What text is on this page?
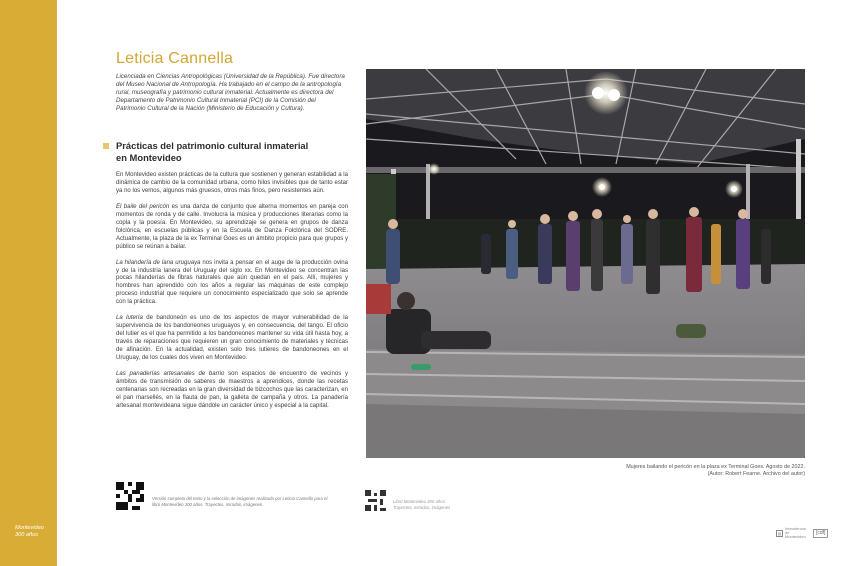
Montevideo
300 años
Leticia Cannella
Licenciada en Ciencias Antropológicas (Universidad de la República). Fue directora del Museo Nacional de Antropología. Ha trabajado en el campo de la antropología rural, museografía y patrimonio cultural inmaterial. Actualmente es directora del Departamento de Patrimonio Cultural Inmaterial (PCI) de la Comisión del Patrimonio Cultural de la Nación (Ministerio de Educación y Cultura).
Prácticas del patrimonio cultural inmaterial en Montevideo

En Montevideo existen prácticas de la cultura que sostienen y generan estabilidad a la dinámica de cambio de la comunidad urbana, como hilos invisibles que de tanto estar ya no los vemos, algunos más gruesos, otros más finos, pero resistentes aún.

El baile del pericón es una danza de conjunto que alterna momentos en pareja con momentos de ronda y de calle. Involucra la música y producciones literarias como la copla y la poesía. En Montevideo, su aprendizaje se genera en grupos de danza folclórica, en escuelas públicas y en la Escuela de Danza Folclórica del SODRE. Actualmente, la plaza de la ex Terminal Goes es un ámbito propicio para que grupos y público se reúnan a bailar.

La hilandería de lana uruguaya nos invita a pensar en el auge de la producción ovina y de la industria lanera del Uruguay del siglo xx. En Montevideo se concentran las pocas hilanderías de fibras naturales que aún quedan en el país. Allí, mujeres y hombres han aprendido con los años a regular las máquinas de este complejo proceso industrial que requiere un conocimiento especializado que solo se aprende con la práctica.

La lutería de bandoneón es uno de los aspectos de mayor vulnerabilidad de la supervivencia de los bandoneones uruguayos y, en consecuencia, del tango. El oficio del lutier es el que ha permitido a los bandoneones mantener su vida útil hasta hoy, a través de reparaciones que requieren un gran conocimiento de materiales y técnicas de afinación. En la actualidad, existen solo tres lutieres de bandoneones en el Uruguay, de los cuales dos viven en Montevideo.

Las panaderías artesanales de barrio son espacios de encuentro de vecinos y ámbitos de transmisión de saberes de maestros a aprendices, donde las recetas centenarias son recreadas en la gran diversidad de bizcochos que las caracterizan, en el pan marsellés, en la flauta de pan, la galleta de campaña y otros. La panadería artesanal montevideana sigue dándole un carácter único y especial a la capital.

Versión completa del texto y la selección de imágenes realizada por Leticia Cannella para el libro Montevideo 300 años. Trayectos, miradas, imágenes.
Libro Montevideo 300 años.
Trayectos, miradas, imágenes
Mujeres bailando el pericón en la plaza ex Terminal Goes. Agosto de 2022.
(Autor: Robert Fearne. Archivo del autor)
▤
Intendencia de Montevideo
[cdf]
